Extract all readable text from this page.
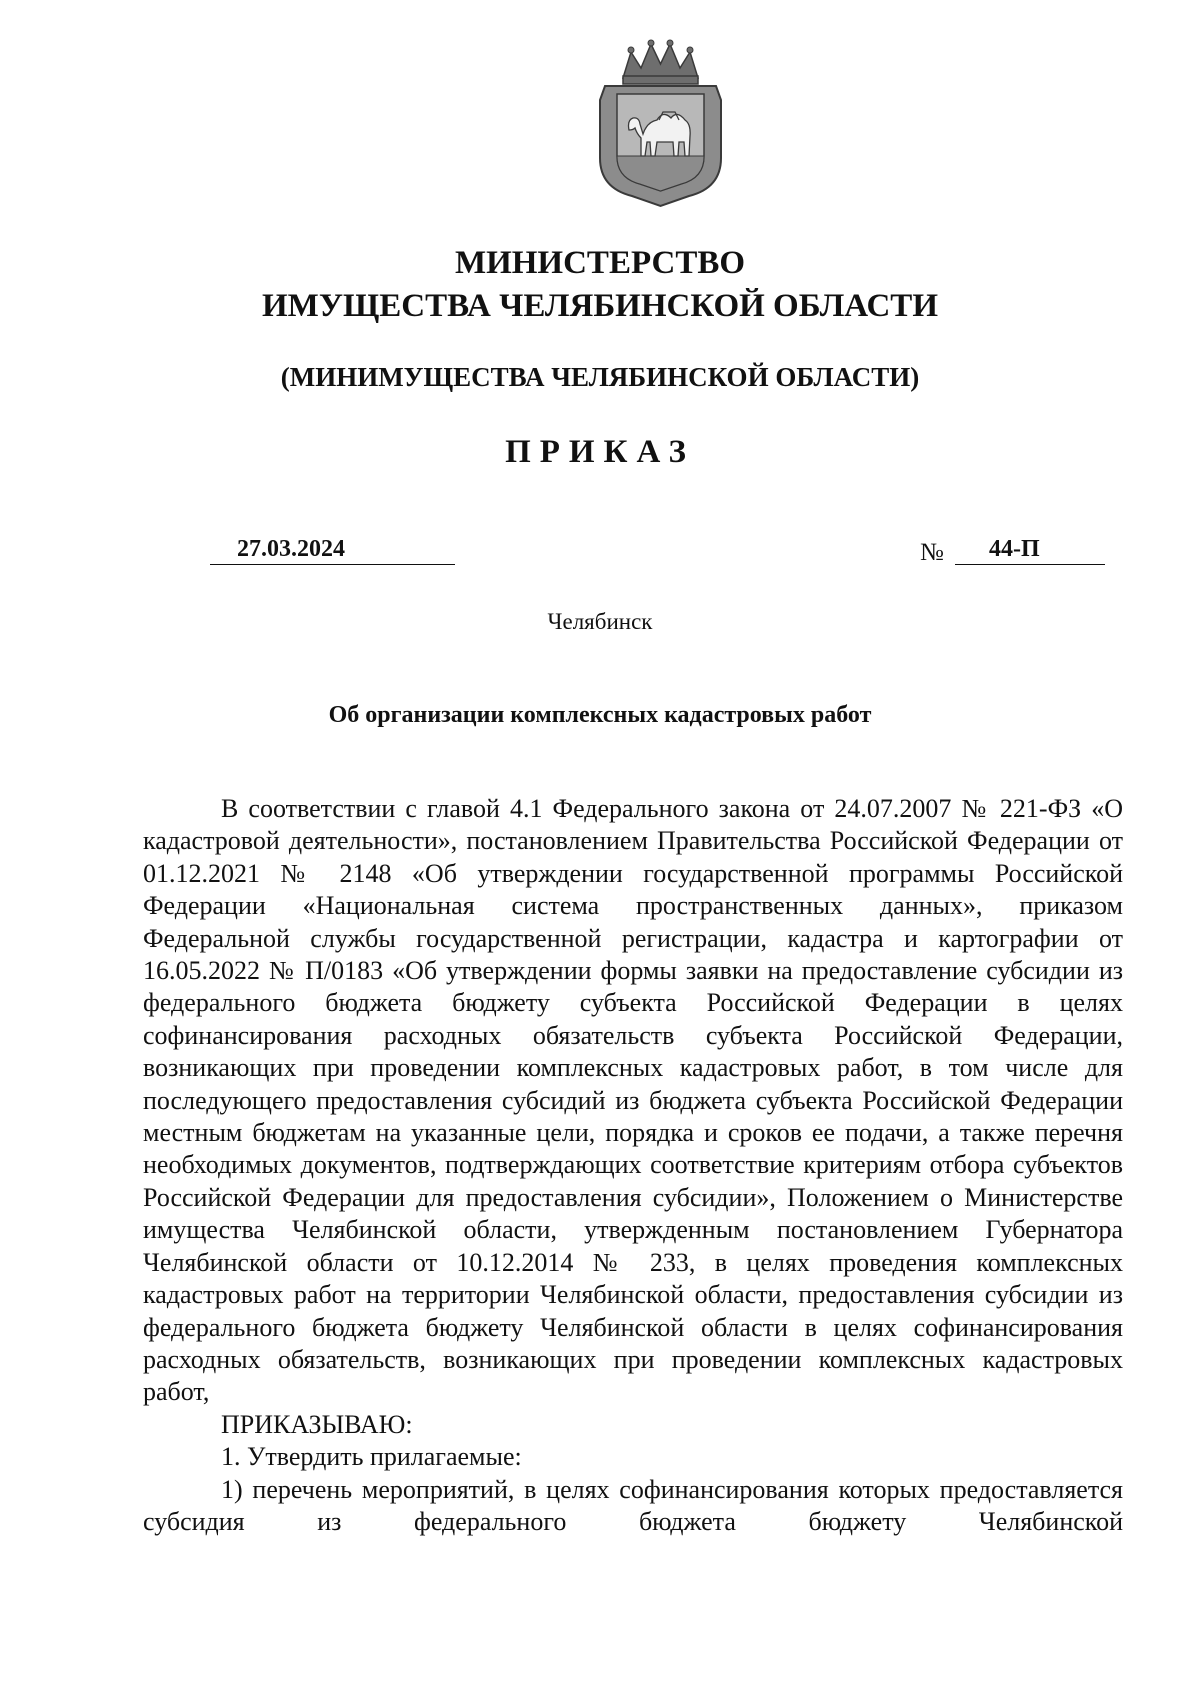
МИНИСТЕРСТВО
ИМУЩЕСТВА ЧЕЛЯБИНСКОЙ ОБЛАСТИ
(МИНИМУЩЕСТВА ЧЕЛЯБИНСКОЙ ОБЛАСТИ)
ПРИКАЗ
27.03.2024	№ 44-П
Челябинск
Об организации комплексных кадастровых работ

В соответствии с главой 4.1 Федерального закона от 24.07.2007 № 221-ФЗ «О кадастровой деятельности», постановлением Правительства Российской Федерации от 01.12.2021 № 2148 «Об утверждении государственной программы Российской Федерации «Национальная система пространственных данных», приказом Федеральной службы государственной регистрации, кадастра и картографии от 16.05.2022 № П/0183 «Об утверждении формы заявки на предоставление субсидии из федерального бюджета бюджету субъекта Российской Федерации в целях софинансирования расходных обязательств субъекта Российской Федерации, возникающих при проведении комплексных кадастровых работ, в том числе для последующего предоставления субсидий из бюджета субъекта Российской Федерации местным бюджетам на указанные цели, порядка и сроков ее подачи, а также перечня необходимых документов, подтверждающих соответствие критериям отбора субъектов Российской Федерации для предоставления субсидии», Положением о Министерстве имущества Челябинской области, утвержденным постановлением Губернатора Челябинской области от 10.12.2014 № 233, в целях проведения комплексных кадастровых работ на территории Челябинской области, предоставления субсидии из федерального бюджета бюджету Челябинской области в целях софинансирования расходных обязательств, возникающих при проведении комплексных кадастровых работ,

ПРИКАЗЫВАЮ:

1. Утвердить прилагаемые:

1) перечень мероприятий, в целях софинансирования которых предоставляется субсидия из федерального бюджета бюджету Челябинской
